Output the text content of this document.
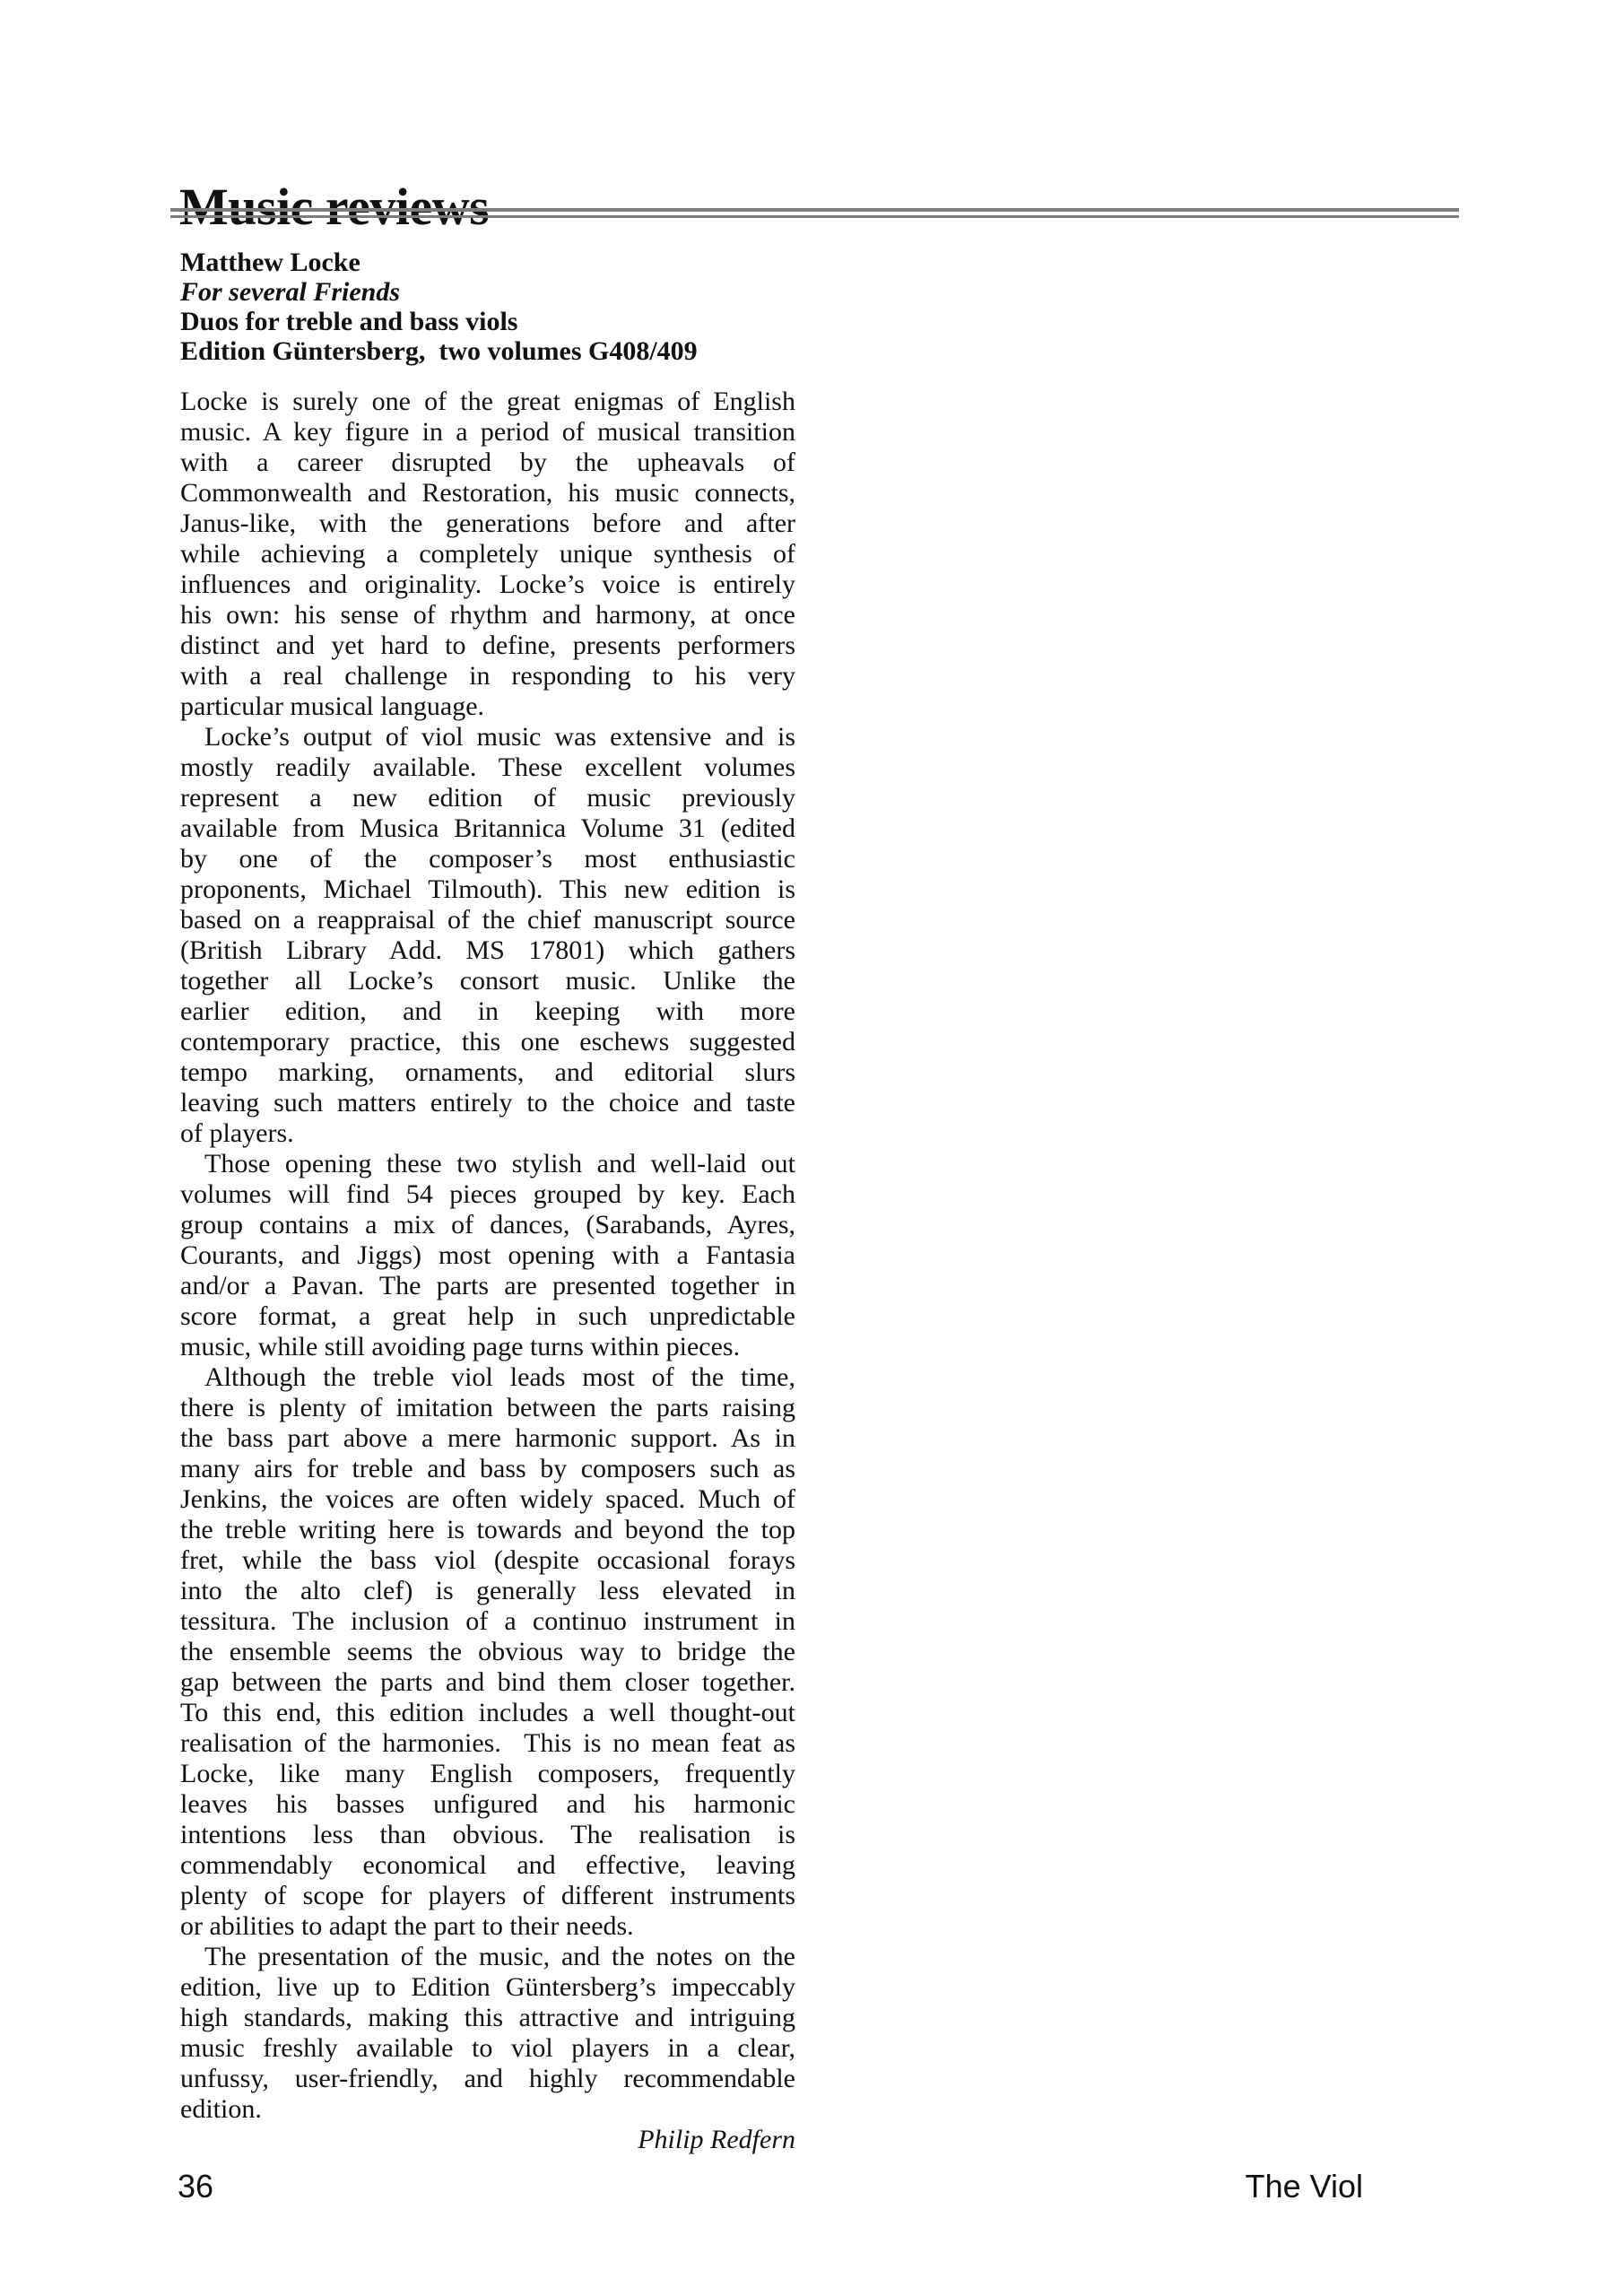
Music reviews
Matthew Locke
For several Friends
Duos for treble and bass viols
Edition Güntersberg,  two volumes G408/409
Locke is surely one of the great enigmas of English
music. A key figure in a period of musical transition
with a career disrupted by the upheavals of
Commonwealth and Restoration, his music connects,
Janus-like, with the generations before and after
while achieving a completely unique synthesis of
influences and originality. Locke’s voice is entirely
his own: his sense of rhythm and harmony, at once
distinct and yet hard to define, presents performers
with a real challenge in responding to his very
particular musical language.
Locke’s output of viol music was extensive and is
mostly readily available. These excellent volumes
represent a new edition of music previously
available from Musica Britannica Volume 31 (edited
by one of the composer’s most enthusiastic
proponents, Michael Tilmouth). This new edition is
based on a reappraisal of the chief manuscript source
(British Library Add. MS 17801) which gathers
together all Locke’s consort music. Unlike the
earlier edition, and in keeping with more
contemporary practice, this one eschews suggested
tempo marking, ornaments, and editorial slurs
leaving such matters entirely to the choice and taste
of players.
Those opening these two stylish and well-laid out
volumes will find 54 pieces grouped by key. Each
group contains a mix of dances, (Sarabands, Ayres,
Courants, and Jiggs) most opening with a Fantasia
and/or a Pavan. The parts are presented together in
score format, a great help in such unpredictable
music, while still avoiding page turns within pieces.
Although the treble viol leads most of the time,
there is plenty of imitation between the parts raising
the bass part above a mere harmonic support. As in
many airs for treble and bass by composers such as
Jenkins, the voices are often widely spaced. Much of
the treble writing here is towards and beyond the top
fret, while the bass viol (despite occasional forays
into the alto clef) is generally less elevated in
tessitura. The inclusion of a continuo instrument in
the ensemble seems the obvious way to bridge the
gap between the parts and bind them closer together.
To this end, this edition includes a well thought-out
realisation of the harmonies.  This is no mean feat as
Locke, like many English composers, frequently
leaves his basses unfigured and his harmonic
intentions less than obvious. The realisation is
commendably economical and effective, leaving
plenty of scope for players of different instruments
or abilities to adapt the part to their needs.
The presentation of the music, and the notes on the
edition, live up to Edition Güntersberg’s impeccably
high standards, making this attractive and intriguing
music freshly available to viol players in a clear,
unfussy, user-friendly, and highly recommendable
edition.
Philip Redfern
36	The Viol
